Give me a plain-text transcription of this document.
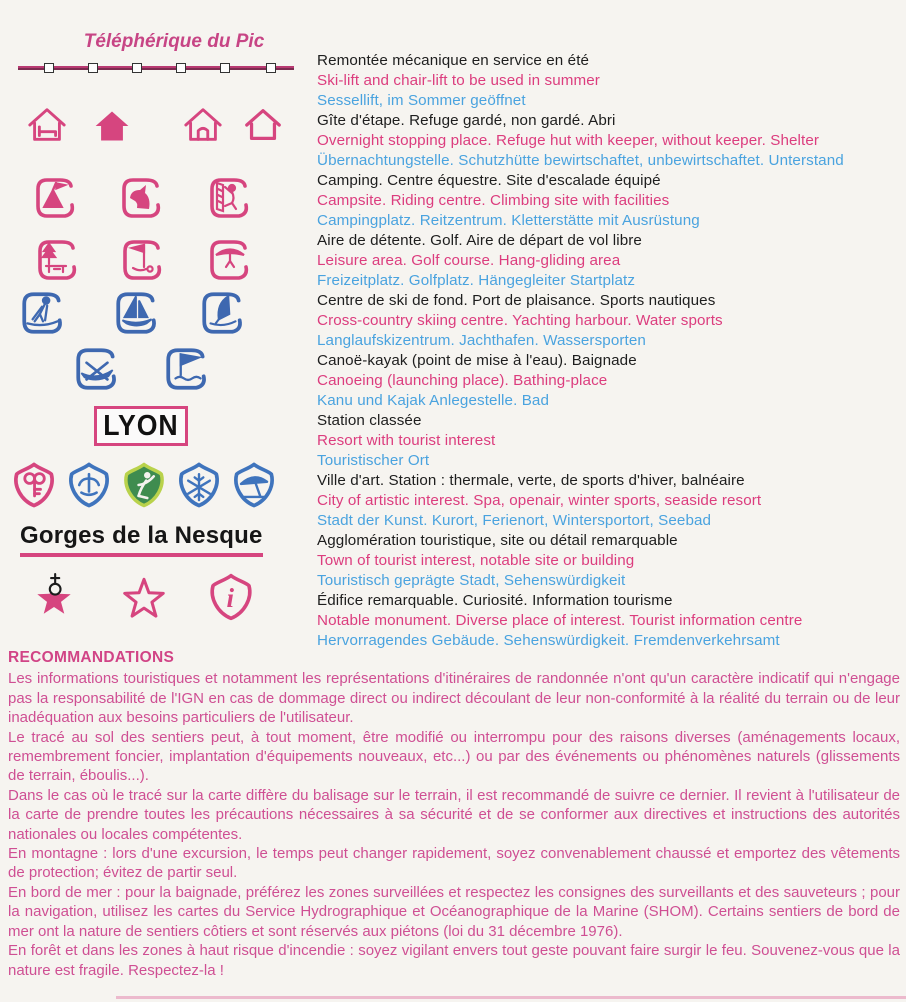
Téléphérique du Pic
LYON
Gorges de la Nesque
i
Remontée mécanique en service en été
Ski-lift and chair-lift to be used in summer
Sessellift, im Sommer geöffnet
Gîte d'étape. Refuge gardé, non gardé. Abri
Overnight stopping place. Refuge hut with keeper, without keeper. Shelter
Übernachtungstelle. Schutzhütte bewirtschaftet, unbewirtschaftet. Unterstand
Camping. Centre équestre. Site d'escalade équipé
Campsite. Riding centre. Climbing site with facilities
Campingplatz. Reitzentrum. Kletterstätte mit Ausrüstung
Aire de détente. Golf. Aire de départ de vol libre
Leisure area. Golf course. Hang-gliding area
Freizeitplatz. Golfplatz. Hängegleiter Startplatz
Centre de ski de fond. Port de plaisance. Sports nautiques
Cross-country skiing centre. Yachting harbour. Water sports
Langlaufskizentrum. Jachthafen. Wassersporten
Canoë-kayak (point de mise à l'eau). Baignade
Canoeing (launching place). Bathing-place
Kanu und Kajak Anlegestelle. Bad
Station classée
Resort with tourist interest
Touristischer Ort
Ville d'art. Station : thermale, verte, de sports d'hiver, balnéaire
City of artistic interest. Spa, openair, winter sports, seaside resort
Stadt der Kunst. Kurort, Ferienort, Wintersportort, Seebad
Agglomération touristique, site ou détail remarquable
Town of tourist interest, notable site or building
Touristisch geprägte Stadt, Sehenswürdigkeit
Édifice remarquable. Curiosité. Information tourisme
Notable monument. Diverse place of interest. Tourist information centre
Hervorragendes Gebäude. Sehenswürdigkeit. Fremdenverkehrsamt
RECOMMANDATIONS

Les informations touristiques et notamment les représentations d'itinéraires de randonnée n'ont qu'un caractère indicatif qui n'engage pas la responsabilité de l'IGN en cas de dommage direct ou indirect découlant de leur non-conformité à la réalité du terrain ou de leur inadéquation aux besoins particuliers de l'utilisateur.

Le tracé au sol des sentiers peut, à tout moment, être modifié ou interrompu pour des raisons diverses (aménagements locaux, remembrement foncier, implantation d'équipements nouveaux, etc...) ou par des événements ou phénomènes naturels (glissements de terrain, éboulis...).

Dans le cas où le tracé sur la carte diffère du balisage sur le terrain, il est recommandé de suivre ce dernier. Il revient à l'utilisateur de la carte de prendre toutes les précautions nécessaires à sa sécurité et de se conformer aux directives et instructions des autorités nationales ou locales compétentes.

En montagne : lors d'une excursion, le temps peut changer rapidement, soyez convenablement chaussé et emportez des vêtements de protection; évitez de partir seul.

En bord de mer : pour la baignade, préférez les zones surveillées et respectez les consignes des surveillants et des sauveteurs ; pour la navigation, utilisez les cartes du Service Hydrographique et Océanographique de la Marine (SHOM). Certains sentiers de bord de mer ont la nature de sentiers côtiers et sont réservés aux piétons (loi du 31 décembre 1976).

En forêt et dans les zones à haut risque d'incendie : soyez vigilant envers tout geste pouvant faire surgir le feu. Souvenez-vous que la nature est fragile. Respectez-la !
